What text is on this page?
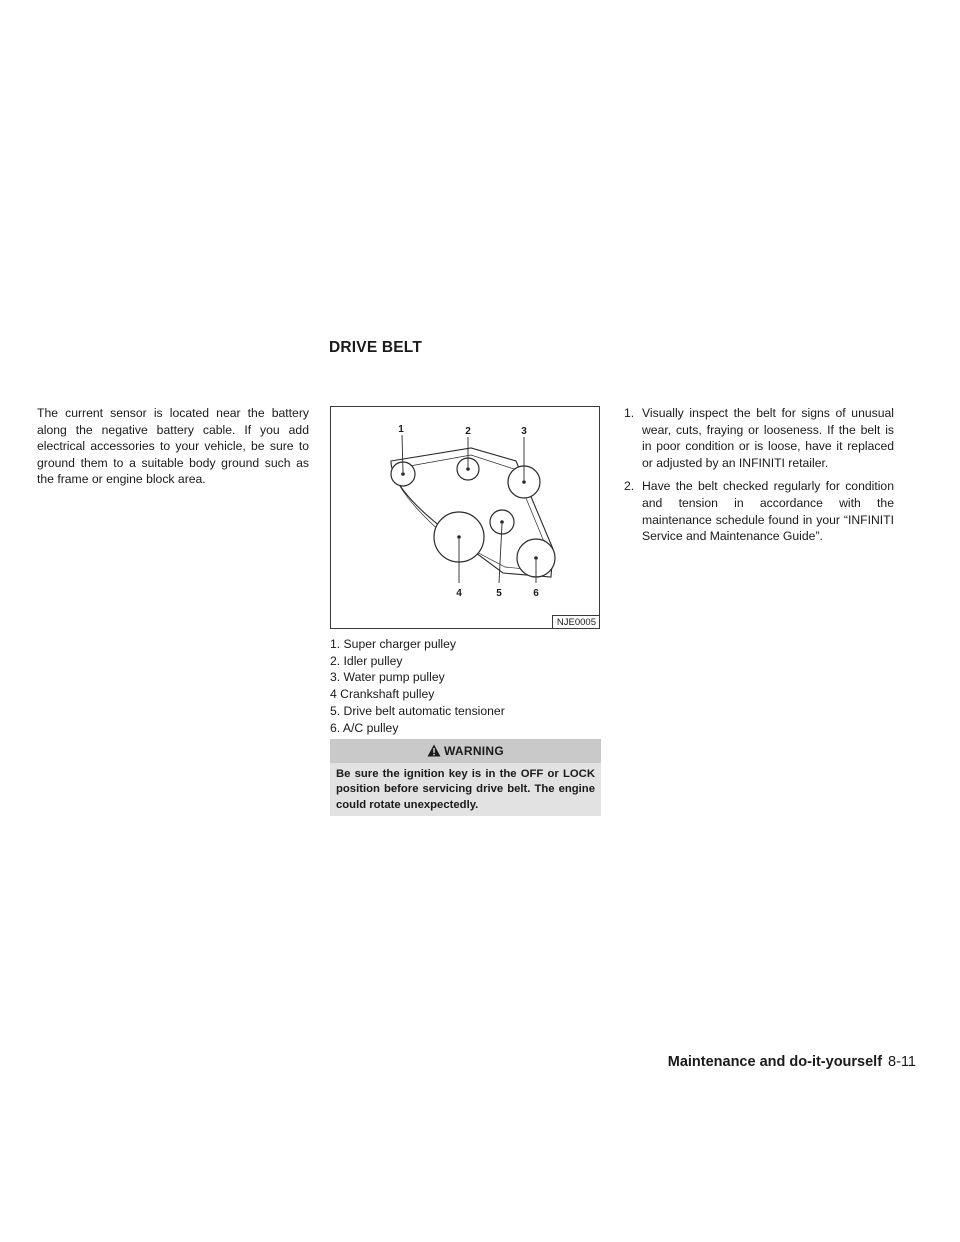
DRIVE BELT

The current sensor is located near the battery along the negative battery cable. If you add electrical accessories to your vehicle, be sure to ground them to a suitable body ground such as the frame or engine block area.

1	2	3
4	5	6
NJE0005
1. Super charger pulley
2. Idler pulley
3. Water pump pulley
4 Crankshaft pulley
5. Drive belt automatic tensioner
6. A/C pulley
WARNING
Be sure the ignition key is in the OFF or LOCK position before servicing drive belt. The engine could rotate unexpectedly.
1. Visually inspect the belt for signs of unusual wear, cuts, fraying or looseness. If the belt is in poor condition or is loose, have it replaced or adjusted by an INFINITI retailer.
2. Have the belt checked regularly for condition and tension in accordance with the maintenance schedule found in your “INFINITI Service and Maintenance Guide”.
Maintenance and do-it-yourself 8-11
